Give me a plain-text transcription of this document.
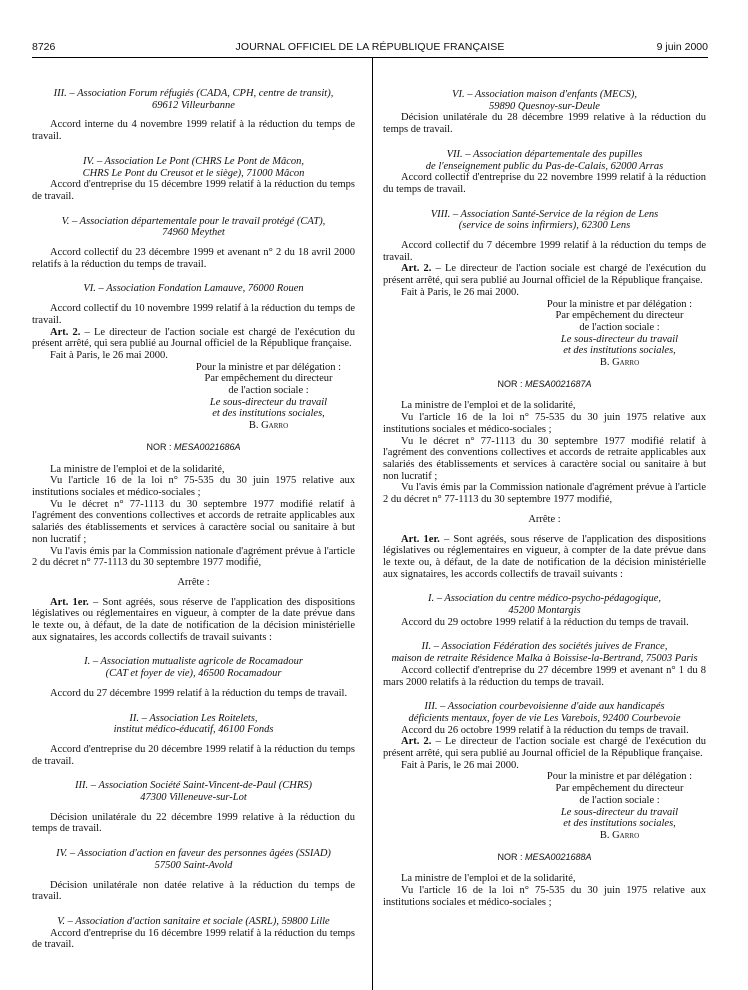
8726	JOURNAL OFFICIEL DE LA RÉPUBLIQUE FRANÇAISE	9 juin 2000
III. – Association Forum réfugiés (CADA, CPH, centre de transit),
69612 Villeurbanne

Accord interne du 4 novembre 1999 relatif à la réduction du temps de travail.

IV. – Association Le Pont (CHRS Le Pont de Mâcon,
CHRS Le Pont du Creusot et le siège), 71000 Mâcon

Accord d'entreprise du 15 décembre 1999 relatif à la réduction du temps de travail.

V. – Association départementale pour le travail protégé (CAT),
74960 Meythet

Accord collectif du 23 décembre 1999 et avenant n° 2 du 18 avril 2000 relatifs à la réduction du temps de travail.

VI. – Association Fondation Lamauve, 76000 Rouen

Accord collectif du 10 novembre 1999 relatif à la réduction du temps de travail.

Art. 2. – Le directeur de l'action sociale est chargé de l'exécution du présent arrêté, qui sera publié au Journal officiel de la République française.

Fait à Paris, le 26 mai 2000.

Pour la ministre et par délégation :
Par empêchement du directeur
de l'action sociale :
Le sous-directeur du travail
et des institutions sociales,
B. Garro
NOR : MESA0021686A

La ministre de l'emploi et de la solidarité,

Vu l'article 16 de la loi n° 75-535 du 30 juin 1975 relative aux institutions sociales et médico-sociales ;

Vu le décret n° 77-1113 du 30 septembre 1977 modifié relatif à l'agrément des conventions collectives et accords de retraite applicables aux salariés des établissements et services à caractère social ou sanitaire à but non lucratif ;

Vu l'avis émis par la Commission nationale d'agrément prévue à l'article 2 du décret n° 77-1113 du 30 septembre 1977 modifié,

Arrête :

Art. 1er. – Sont agréés, sous réserve de l'application des dispositions législatives ou réglementaires en vigueur, à compter de la date prévue dans le texte ou, à défaut, de la date de notification de la décision ministérielle aux signataires, les accords collectifs de travail suivants :

I. – Association mutualiste agricole de Rocamadour
(CAT et foyer de vie), 46500 Rocamadour

Accord du 27 décembre 1999 relatif à la réduction du temps de travail.

II. – Association Les Roitelets,
institut médico-éducatif, 46100 Fonds

Accord d'entreprise du 20 décembre 1999 relatif à la réduction du temps de travail.

III. – Association Société Saint-Vincent-de-Paul (CHRS)
47300 Villeneuve-sur-Lot

Décision unilatérale du 22 décembre 1999 relative à la réduction du temps de travail.

IV. – Association d'action en faveur des personnes âgées (SSIAD)
57500 Saint-Avold

Décision unilatérale non datée relative à la réduction du temps de travail.

V. – Association d'action sanitaire et sociale (ASRL), 59800 Lille

Accord d'entreprise du 16 décembre 1999 relatif à la réduction du temps de travail.

VI. – Association maison d'enfants (MECS),
59890 Quesnoy-sur-Deule

Décision unilatérale du 28 décembre 1999 relative à la réduction du temps de travail.

VII. – Association départementale des pupilles
de l'enseignement public du Pas-de-Calais, 62000 Arras

Accord collectif d'entreprise du 22 novembre 1999 relatif à la réduction du temps de travail.

VIII. – Association Santé-Service de la région de Lens
(service de soins infirmiers), 62300 Lens

Accord collectif du 7 décembre 1999 relatif à la réduction du temps de travail.

Art. 2. – Le directeur de l'action sociale est chargé de l'exécution du présent arrêté, qui sera publié au Journal officiel de la République française.

Fait à Paris, le 26 mai 2000.

Pour la ministre et par délégation :
Par empêchement du directeur
de l'action sociale :
Le sous-directeur du travail
et des institutions sociales,
B. Garro
NOR : MESA0021687A

La ministre de l'emploi et de la solidarité,

Vu l'article 16 de la loi n° 75-535 du 30 juin 1975 relative aux institutions sociales et médico-sociales ;

Vu le décret n° 77-1113 du 30 septembre 1977 modifié relatif à l'agrément des conventions collectives et accords de retraite applicables aux salariés des établissements et services à caractère social ou sanitaire à but non lucratif ;

Vu l'avis émis par la Commission nationale d'agrément prévue à l'article 2 du décret n° 77-1113 du 30 septembre 1977 modifié,

Arrête :

Art. 1er. – Sont agréés, sous réserve de l'application des dispositions législatives ou réglementaires en vigueur, à compter de la date prévue dans le texte ou, à défaut, de la date de notification de la décision ministérielle aux signataires, les accords collectifs de travail suivants :

I. – Association du centre médico-psycho-pédagogique,
45200 Montargis

Accord du 29 octobre 1999 relatif à la réduction du temps de travail.

II. – Association Fédération des sociétés juives de France,
maison de retraite Résidence Malka à Boissise-la-Bertrand, 75003 Paris

Accord collectif d'entreprise du 27 décembre 1999 et avenant n° 1 du 8 mars 2000 relatifs à la réduction du temps de travail.

III. – Association courbevoisienne d'aide aux handicapés
déficients mentaux, foyer de vie Les Varebois, 92400 Courbevoie

Accord du 26 octobre 1999 relatif à la réduction du temps de travail.

Art. 2. – Le directeur de l'action sociale est chargé de l'exécution du présent arrêté, qui sera publié au Journal officiel de la République française.

Fait à Paris, le 26 mai 2000.

Pour la ministre et par délégation :
Par empêchement du directeur
de l'action sociale :
Le sous-directeur du travail
et des institutions sociales,
B. Garro
NOR : MESA0021688A

La ministre de l'emploi et de la solidarité,

Vu l'article 16 de la loi n° 75-535 du 30 juin 1975 relative aux institutions sociales et médico-sociales ;
